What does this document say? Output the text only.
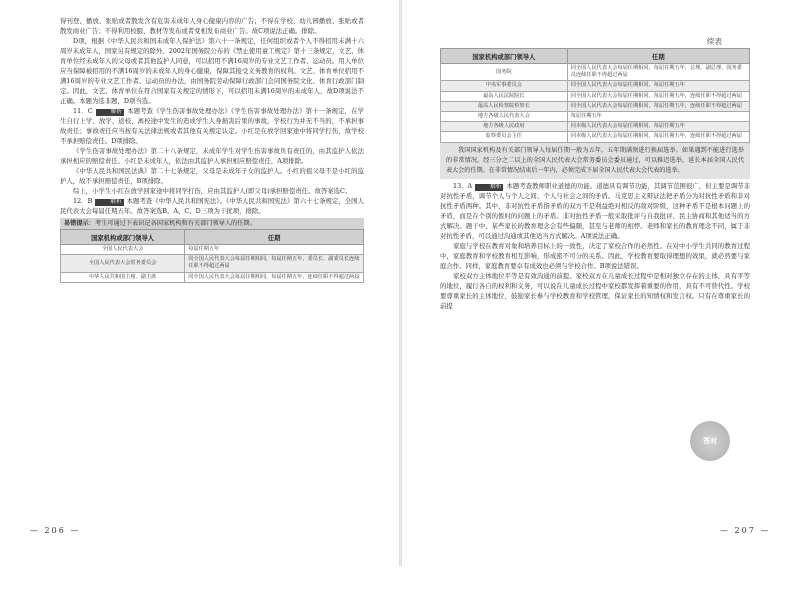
得刊登、播放、张贴或者散发含有危害未成年人身心健康内容的广告；不得在学校、幼儿园播放、张贴或者散发商业广告；不得利用校服、教材等发布或者变相发布商业广告。故C项说法正确。排除。

D项，根据《中华人民共和国未成年人保护法》第六十一条规定，任何组织或者个人不得招用未满十六周岁未成年人，国家另有规定的除外。2002年国务院公布的《禁止使用童工规定》第十三条规定，文艺、体育单位经未成年人的父母或者其他监护人同意，可以招用不满16周岁的专业文艺工作者、运动员。用人单位应当保障被招用的不满16周岁的未成年人的身心健康，保障其接受义务教育的权利。文艺、体育单位招用不满16周岁的专业文艺工作者、运动员的办法，由国务院劳动保障行政部门会同国务院文化、体育行政部门制定。因此，文艺、体育单位在符合国家有关规定的情形下，可以招用未满16周岁的未成年人，故D项说法不正确。本题为选非题，D项当选。

11．C	解析 本题考查《学生伤害事故处理办法》《学生伤害事故处理办法》第十一条规定，在学生自行上学、放学、返校、离校途中发生的造成学生人身损害后果的事故，学校行为并无不当的，不承担事故责任；事故责任应当按有关法律法规或者其他有关规定认定。小红是在放学回家途中将同学打伤，故学校不承担赔偿责任。D项排除。

《学生伤害事故处理办法》第二十八条规定，未成年学生对学生伤害事故负有责任的，由其监护人依法承担相应的赔偿责任。小红是未成年人，依法由其监护人承担相应赔偿责任，A项排除。

《中华人民共和国民法典》第二十七条规定，父母是未成年子女的监护人。小红的祖父母不是小红的监护人，故不承担赔偿责任，B项排除。

综上，小学生小红在放学回家途中将同学打伤，应由其监护人(即父母)承担赔偿责任。故答案选C。

12．B	解析 本题考查《中华人民共和国宪法》。《中华人民共和国宪法》第六十七条规定，全国人民代表大会每届任期五年。故答案选B。A、C、D三项为干扰项，排除。

易错提示：考生可通过下表识记各国家机构和有关部门领导人的任期。
国家机构或部门领导人	任期
全国人民代表大会	每届任期五年
全国人民代表大会常务委员会	同全国人民代表大会每届任期相同，每届任期五年，委员长、副委员长连续任职不得超过两届
中华人民共和国主席、副主席	同全国人民代表大会每届任期相同，每届任期五年，连续任职不得超过两届
— 206 —
续表
国家机构或部门领导人	任期
国务院	同全国人民代表大会每届任期相同，每届任期五年，总理、副总理、国务委员连续任职不得超过两届
中央军事委员会	同全国人民代表大会每届任期相同，每届任期五年
最高人民法院院长	同全国人民代表大会每届任期相同，每届任期五年，连续任职不得超过两届
最高人民检察院检察长	同全国人民代表大会每届任期相同，每届任期五年，连续任职不得超过两届
地方各级人民代表大会	每届任期五年
地方各级人民政府	同本级人民代表大会每届任期相同，每届任期五年
监察委员会主任	同本级人民代表大会每届任期相同，每届任期五年，连续任职不得超过两届

我国国家机构及有关部门领导人每届任期一般为五年，五年期满须进行换届选举。如果遇到不能进行选举的非常情况，经三分之二以上的全国人民代表大会常务委员会委员通过，可以推迟选举，延长本届全国人民代表大会的任期。在非常情况结束后一年内，必须完成下届全国人民代表大会代表的选举。

13．A	解析 本题考查教师职业道德的功能。道德具有调节功能，其调节范围很广，但主要是调节非对抗性矛盾，调节个人与个人之间、个人与社会之间的矛盾。马克思主义辩证法把矛盾分为对抗性矛盾和非对抗性矛盾两种。其中，非对抗性矛盾指矛盾的双方不是利益绝对相反的敌对阶级，这种矛盾不是根本问题上的矛盾，而是在个别的暂时的问题上的矛盾。非对抗性矛盾一般采取批评与自我批评、民主协商和其他适当的方式解决。题干中，某些家长的教育理念会有些偏颇，甚至与老师的相悖。老师和家长的教育理念不同，属于非对抗性矛盾，可以通过沟通或其他适当方式解决。A项说法正确。

家庭与学校在教育对象和培养目标上的一致性，决定了家校合作的必然性。在对中小学生共同的教育过程中，家庭教育和学校教育相互影响，形成密不可分的关系。因此，学校教育要取得理想的效果，就必然要与家庭合作。同样，家庭教育要卓有成效也必须与学校合作。B项说法错误。

家校双方主体地位平等是有效沟通的前提。家校双方在儿童成长过程中是相对独立存在的主体，具有平等的地位，履行各自的权利和义务，可以说在儿童成长过程中家校都发挥着重要的作用，具有不可替代性。学校要尊重家长的主体地位，鼓励家长参与学校教育和学校管理，保证家长的知情权和发言权。只有在尊重家长的前提

答对
— 207 —
